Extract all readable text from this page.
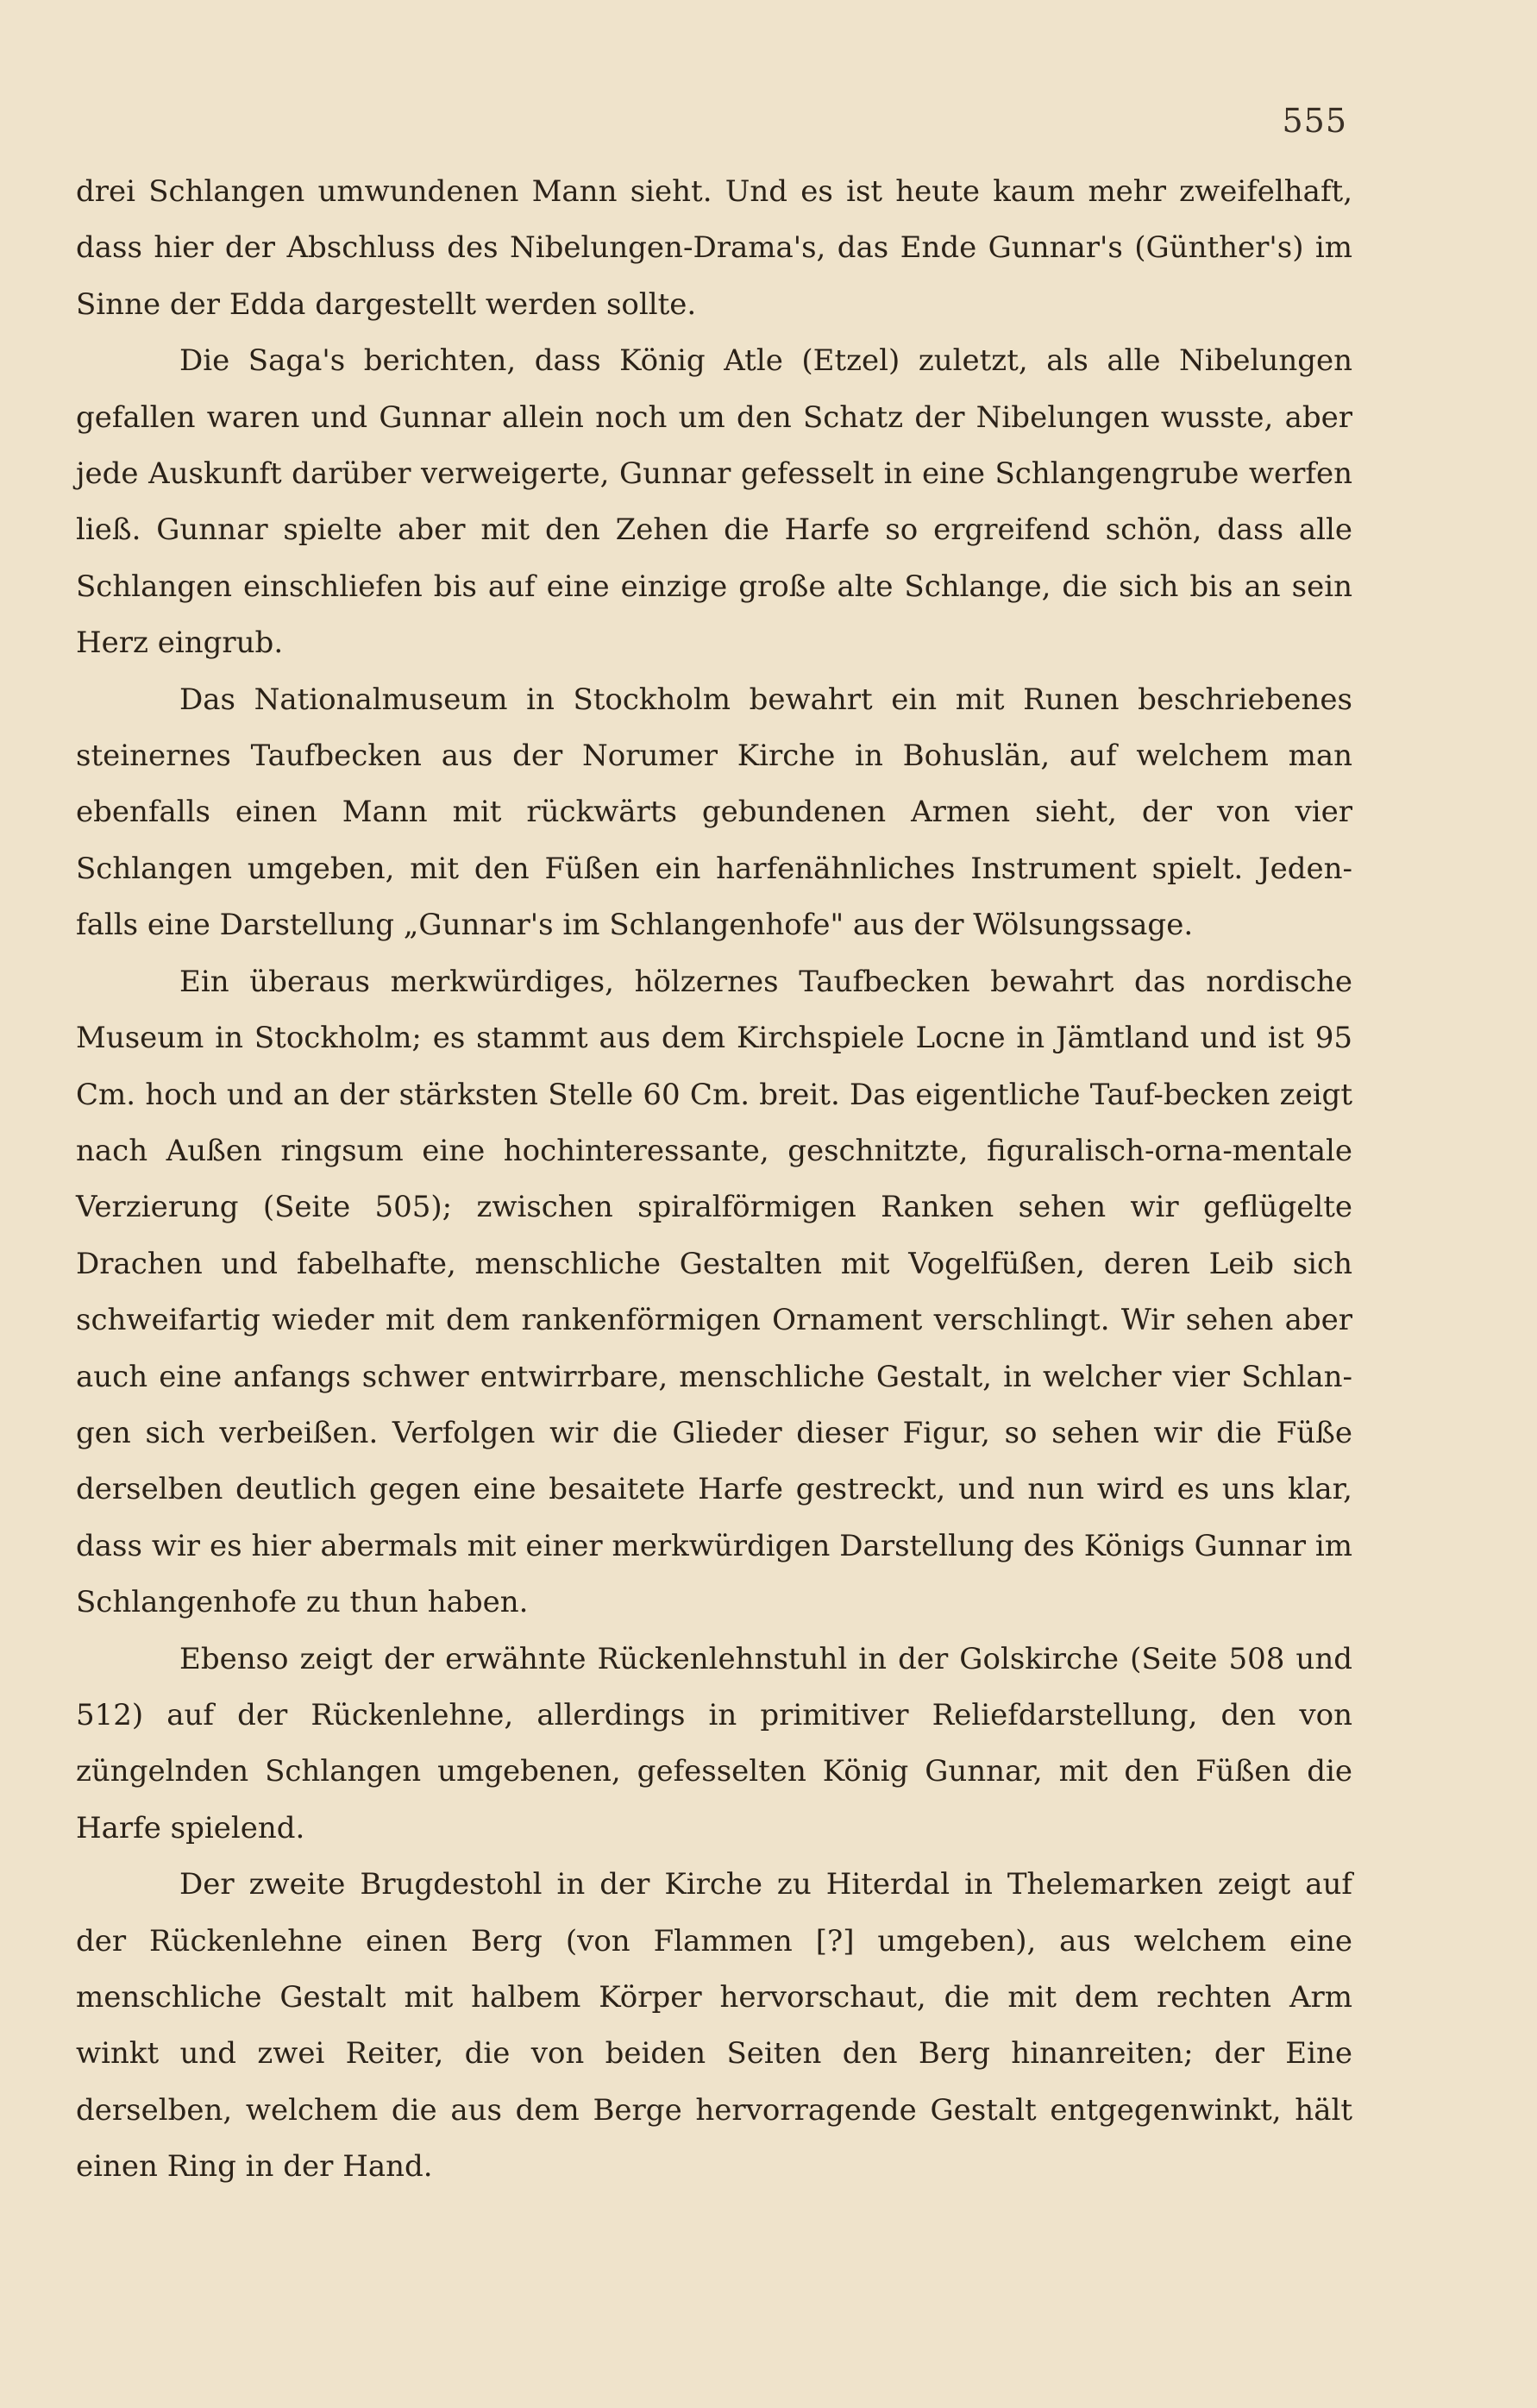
555

drei Schlangen umwundenen Mann sieht. Und es ist heute kaum mehr zweifelhaft, dass hier der Abschluss des Nibelungen-Drama's, das Ende Gunnar's (Günther's) im Sinne der Edda dargestellt werden sollte.

Die Saga's berichten, dass König Atle (Etzel) zuletzt, als alle Nibelungen gefallen waren und Gunnar allein noch um den Schatz der Nibelungen wusste, aber jede Auskunft darüber verweigerte, Gunnar gefesselt in eine Schlangengrube werfen ließ. Gunnar spielte aber mit den Zehen die Harfe so ergreifend schön, dass alle Schlangen einschliefen bis auf eine einzige große alte Schlange, die sich bis an sein Herz eingrub.

Das Nationalmuseum in Stockholm bewahrt ein mit Runen beschriebenes steinernes Taufbecken aus der Norumer Kirche in Bohuslän, auf welchem man ebenfalls einen Mann mit rückwärts gebundenen Armen sieht, der von vier Schlangen umgeben, mit den Füßen ein harfenähnliches Instrument spielt. Jeden-falls eine Darstellung „Gunnar's im Schlangenhofe" aus der Wölsungssage.

Ein überaus merkwürdiges, hölzernes Taufbecken bewahrt das nordische Museum in Stockholm; es stammt aus dem Kirchspiele Locne in Jämtland und ist 95 Cm. hoch und an der stärksten Stelle 60 Cm. breit. Das eigentliche Tauf-becken zeigt nach Außen ringsum eine hochinteressante, geschnitzte, figuralisch-orna-mentale Verzierung (Seite 505); zwischen spiralförmigen Ranken sehen wir geflügelte Drachen und fabelhafte, menschliche Gestalten mit Vogelfüßen, deren Leib sich schweifartig wieder mit dem rankenförmigen Ornament verschlingt. Wir sehen aber auch eine anfangs schwer entwirrbare, menschliche Gestalt, in welcher vier Schlan-gen sich verbeißen. Verfolgen wir die Glieder dieser Figur, so sehen wir die Füße derselben deutlich gegen eine besaitete Harfe gestreckt, und nun wird es uns klar, dass wir es hier abermals mit einer merkwürdigen Darstellung des Königs Gunnar im Schlangenhofe zu thun haben.

Ebenso zeigt der erwähnte Rückenlehnstuhl in der Golskirche (Seite 508 und 512) auf der Rückenlehne, allerdings in primitiver Reliefdarstellung, den von züngelnden Schlangen umgebenen, gefesselten König Gunnar, mit den Füßen die Harfe spielend.

Der zweite Brugdestohl in der Kirche zu Hiterdal in Thelemarken zeigt auf der Rückenlehne einen Berg (von Flammen [?] umgeben), aus welchem eine menschliche Gestalt mit halbem Körper hervorschaut, die mit dem rechten Arm winkt und zwei Reiter, die von beiden Seiten den Berg hinanreiten; der Eine derselben, welchem die aus dem Berge hervorragende Gestalt entgegenwinkt, hält einen Ring in der Hand.
